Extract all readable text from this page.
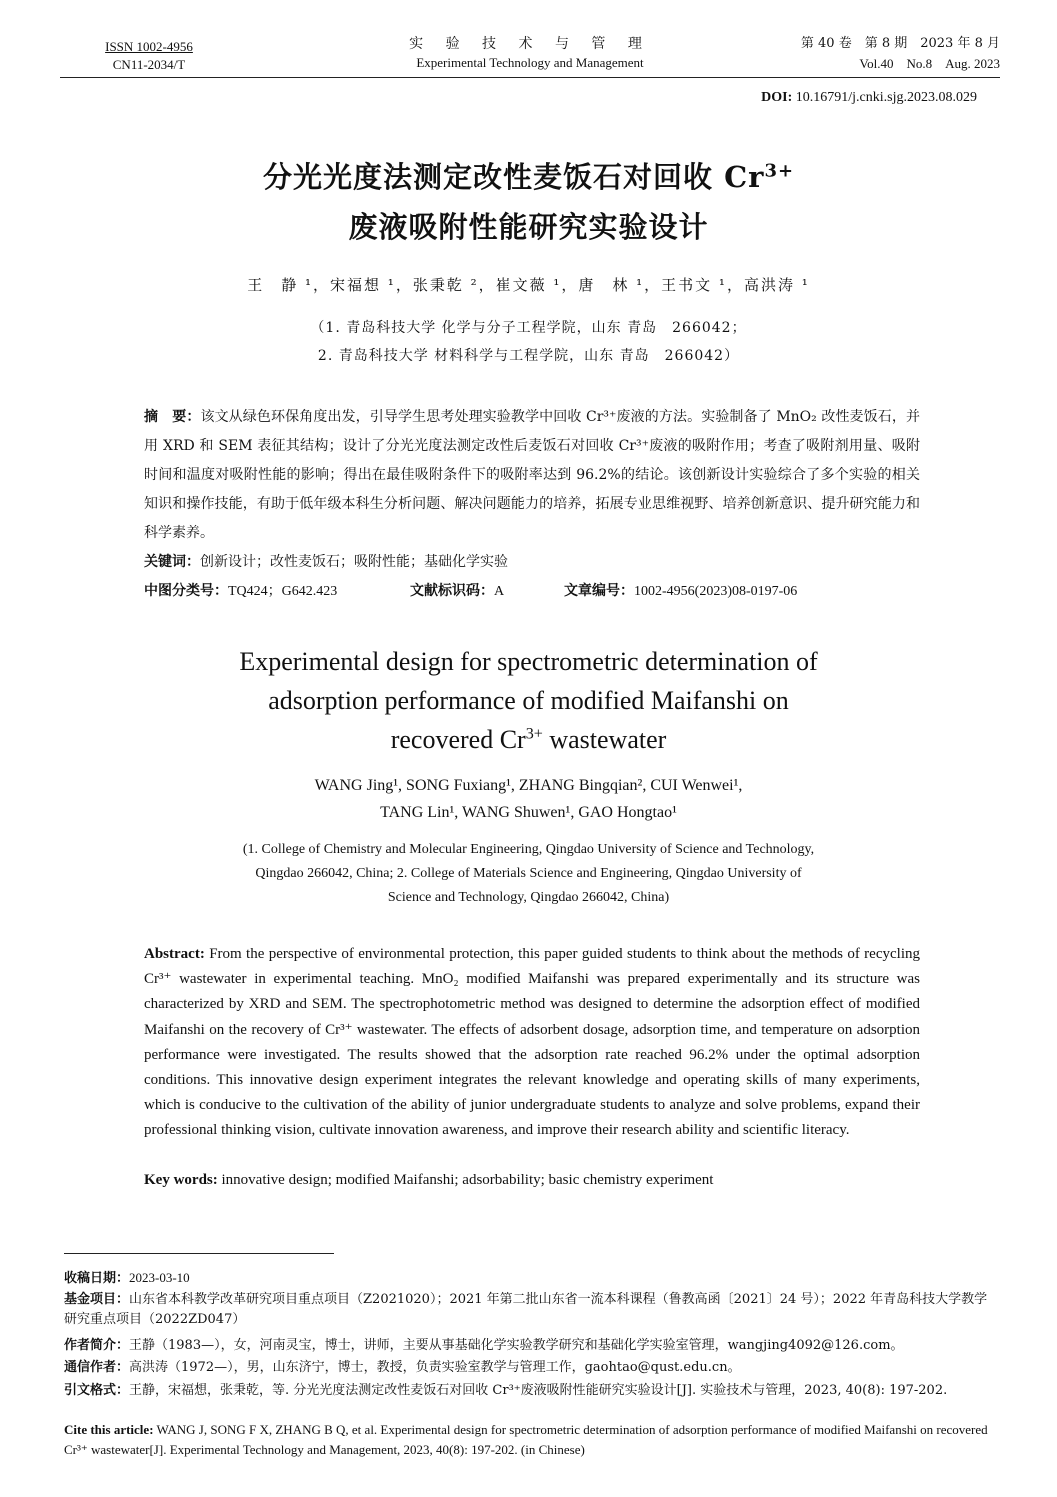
ISSN 1002-4956
CN11-2034/T
实 验 技 术 与 管 理
Experimental Technology and Management
第 40 卷　第 8 期　2023 年 8 月
Vol.40　No.8　Aug. 2023
DOI: 10.16791/j.cnki.sjg.2023.08.029
分光光度法测定改性麦饭石对回收 $Cr^{3+}$
废液吸附性能研究实验设计
王　静 ¹，宋福想 ¹，张秉乾 ²，崔文薇 ¹，唐　林 ¹，王书文 ¹，高洪涛 ¹
（1. 青岛科技大学 化学与分子工程学院，山东 青岛　266042；
2. 青岛科技大学 材料科学与工程学院，山东 青岛　266042）
摘　要：该文从绿色环保角度出发，引导学生思考处理实验教学中回收 Cr³⁺废液的方法。实验制备了 MnO₂ 改性麦饭石，并用 XRD 和 SEM 表征其结构；设计了分光光度法测定改性后麦饭石对回收 Cr³⁺废液的吸附作用；考查了吸附剂用量、吸附时间和温度对吸附性能的影响；得出在最佳吸附条件下的吸附率达到 96.2%的结论。该创新设计实验综合了多个实验的相关知识和操作技能，有助于低年级本科生分析问题、解决问题能力的培养，拓展专业思维视野、培养创新意识、提升研究能力和科学素养。
关键词：创新设计；改性麦饭石；吸附性能；基础化学实验
中图分类号：TQ424；G642.423	文献标识码：A	文章编号：1002-4956(2023)08-0197-06
Experimental design for spectrometric determination of
adsorption performance of modified Maifanshi on
recovered $Cr^{3+}$ wastewater
WANG Jing¹, SONG Fuxiang¹, ZHANG Bingqian², CUI Wenwei¹,
TANG Lin¹, WANG Shuwen¹, GAO Hongtao¹
(1. College of Chemistry and Molecular Engineering, Qingdao University of Science and Technology,
Qingdao 266042, China; 2. College of Materials Science and Engineering, Qingdao University of
Science and Technology, Qingdao 266042, China)
Abstract: From the perspective of environmental protection, this paper guided students to think about the methods of recycling Cr³⁺ wastewater in experimental teaching. MnO₂ modified Maifanshi was prepared experimentally and its structure was characterized by XRD and SEM. The spectrophotometric method was designed to determine the adsorption effect of modified Maifanshi on the recovery of Cr³⁺ wastewater. The effects of adsorbent dosage, adsorption time, and temperature on adsorption performance were investigated. The results showed that the adsorption rate reached 96.2% under the optimal adsorption conditions. This innovative design experiment integrates the relevant knowledge and operating skills of many experiments, which is conducive to the cultivation of the ability of junior undergraduate students to analyze and solve problems, expand their professional thinking vision, cultivate innovation awareness, and improve their research ability and scientific literacy.
Key words: innovative design; modified Maifanshi; adsorbability; basic chemistry experiment
收稿日期：2023-03-10
基金项目：山东省本科教学改革研究项目重点项目（Z2021020）；2021 年第二批山东省一流本科课程（鲁教高函〔2021〕24 号）；2022 年青岛科技大学教学研究重点项目（2022ZD047）
作者简介：王静（1983—），女，河南灵宝，博士，讲师，主要从事基础化学实验教学研究和基础化学实验室管理，wangjing4092@126.com。
通信作者：高洪涛（1972—），男，山东济宁，博士，教授，负责实验室教学与管理工作，gaohtao@qust.edu.cn。
引文格式：王静，宋福想，张秉乾，等. 分光光度法测定改性麦饭石对回收 Cr³⁺废液吸附性能研究实验设计[J]. 实验技术与管理，2023, 40(8): 197-202.
Cite this article: WANG J, SONG F X, ZHANG B Q, et al. Experimental design for spectrometric determination of adsorption performance of modified Maifanshi on recovered Cr³⁺ wastewater[J]. Experimental Technology and Management, 2023, 40(8): 197-202. (in Chinese)
